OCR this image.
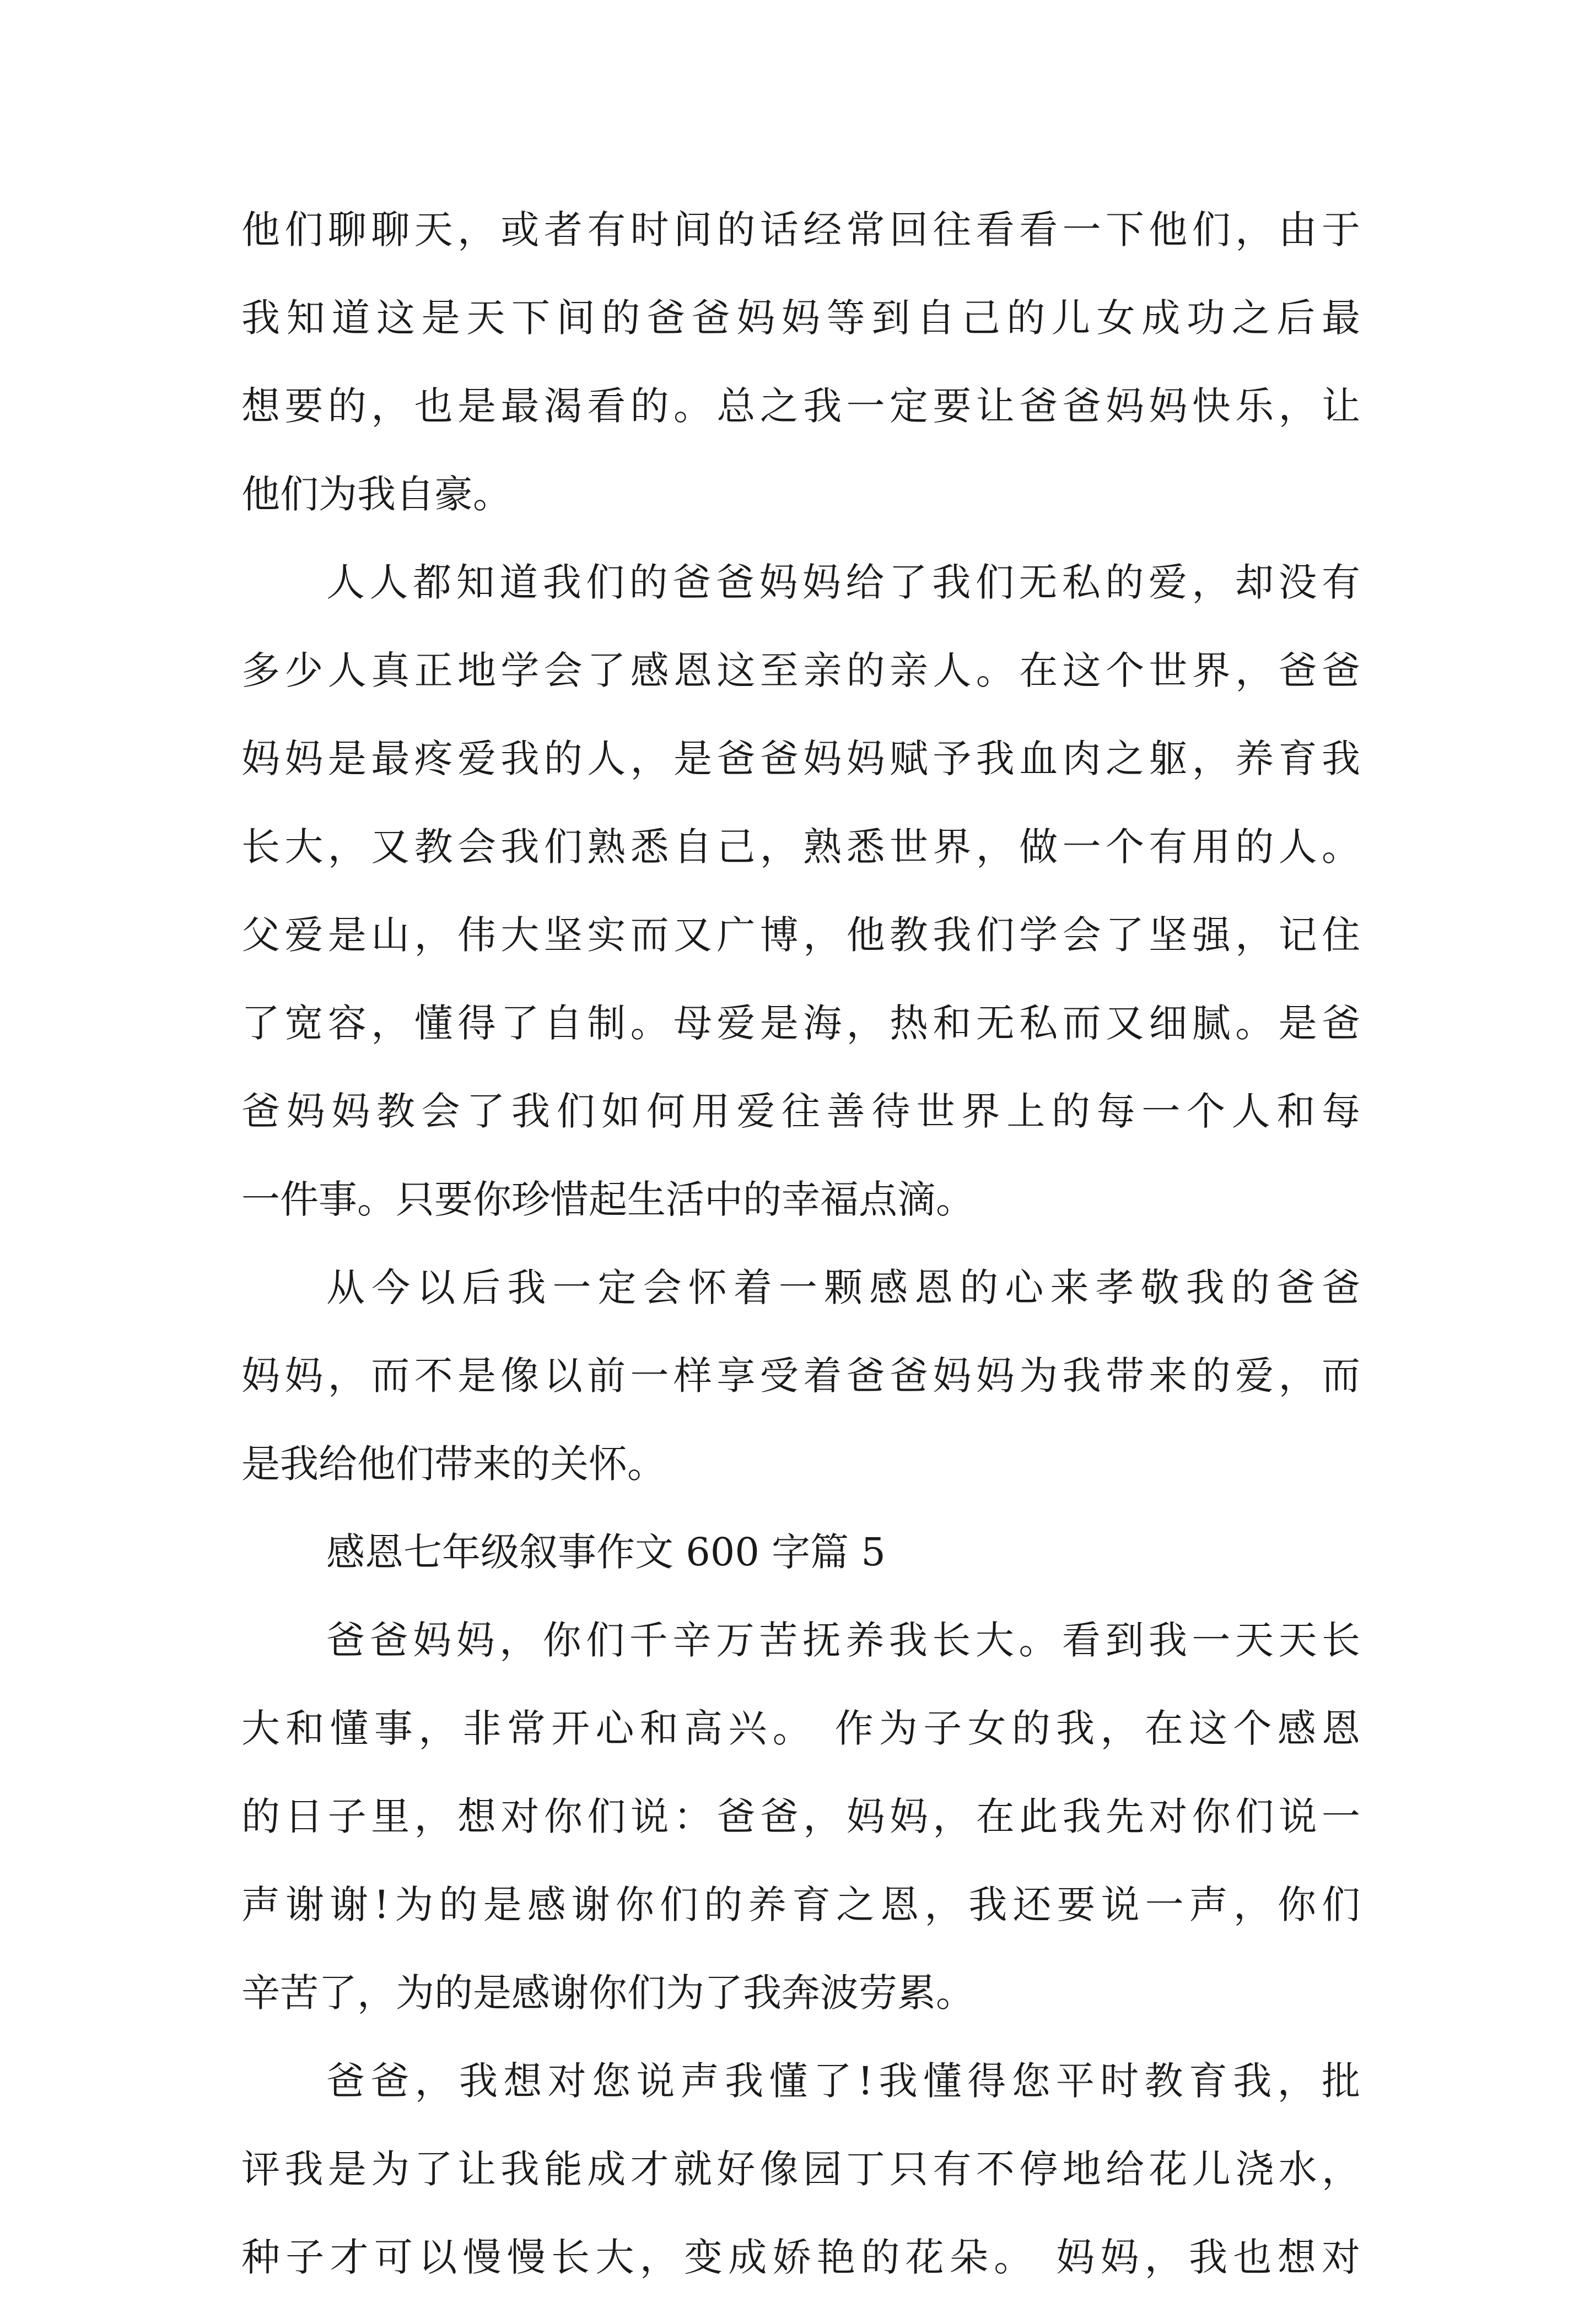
他们聊聊天，或者有时间的话经常回往看看一下他们，由于
我知道这是天下间的爸爸妈妈等到自己的儿女成功之后最
想要的，也是最渴看的。总之我一定要让爸爸妈妈快乐，让
他们为我自豪。
人人都知道我们的爸爸妈妈给了我们无私的爱，却没有
多少人真正地学会了感恩这至亲的亲人。在这个世界，爸爸
妈妈是最疼爱我的人，是爸爸妈妈赋予我血肉之躯，养育我
长大，又教会我们熟悉自己，熟悉世界，做一个有用的人。
父爱是山，伟大坚实而又广博，他教我们学会了坚强，记住
了宽容，懂得了自制。母爱是海，热和无私而又细腻。是爸
爸妈妈教会了我们如何用爱往善待世界上的每一个人和每
一件事。只要你珍惜起生活中的幸福点滴。
从今以后我一定会怀着一颗感恩的心来孝敬我的爸爸
妈妈，而不是像以前一样享受着爸爸妈妈为我带来的爱，而
是我给他们带来的关怀。
感恩七年级叙事作文 600 字篇 5
爸爸妈妈，你们千辛万苦抚养我长大。看到我一天天长
大和懂事，非常开心和高兴。 作为子女的我，在这个感恩
的日子里，想对你们说：爸爸，妈妈，在此我先对你们说一
声谢谢!为的是感谢你们的养育之恩，我还要说一声，你们
辛苦了，为的是感谢你们为了我奔波劳累。
爸爸，我想对您说声我懂了!我懂得您平时教育我，批
评我是为了让我能成才就好像园丁只有不停地给花儿浇水，
种子才可以慢慢长大，变成娇艳的花朵。 妈妈，我也想对
